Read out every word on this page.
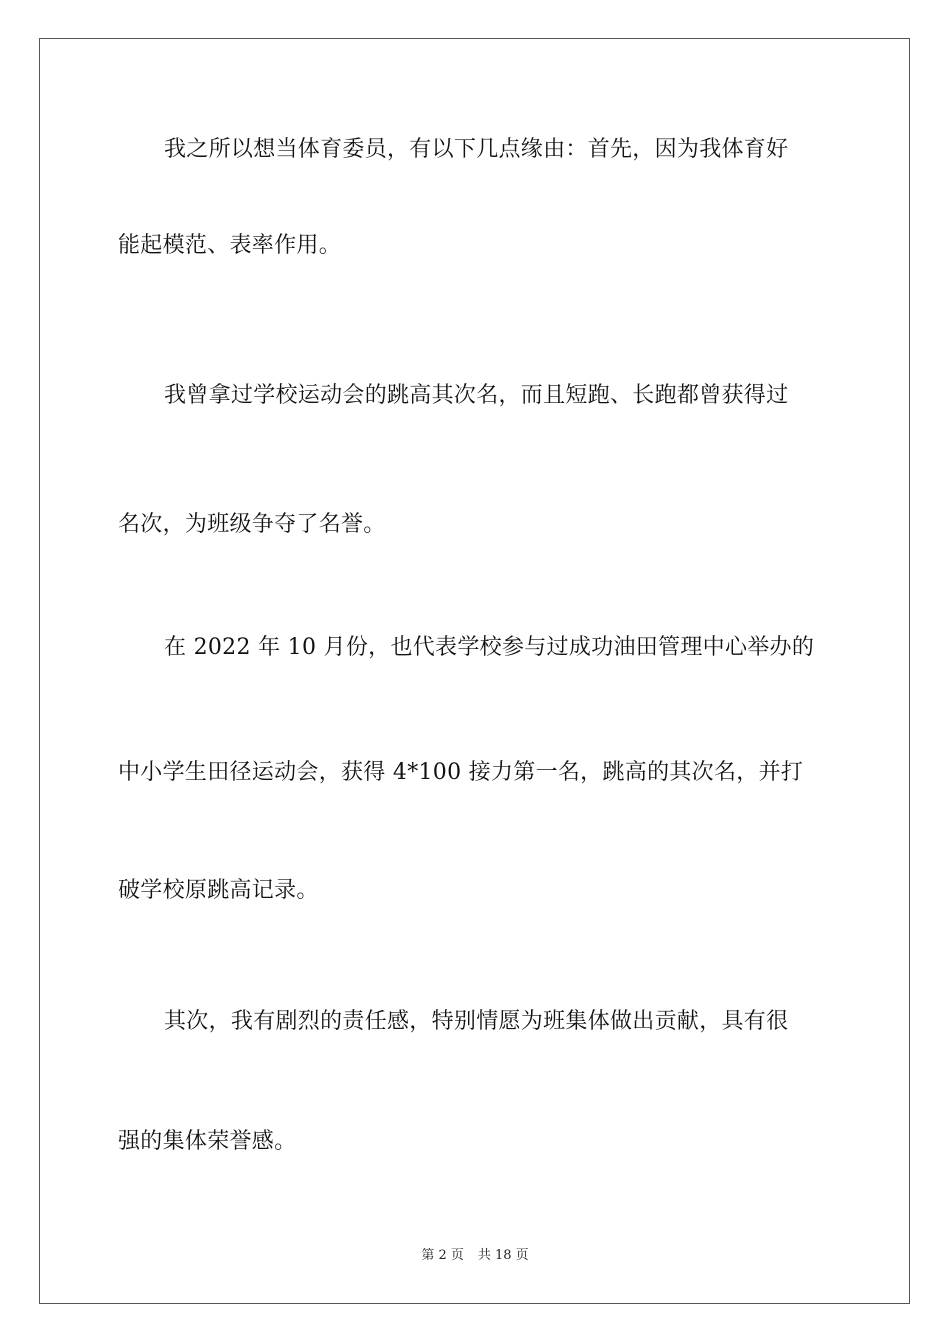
我之所以想当体育委员，有以下几点缘由：首先，因为我体育好
能起模范、表率作用。
我曾拿过学校运动会的跳高其次名，而且短跑、长跑都曾获得过
名次，为班级争夺了名誉。
在 2022 年 10 月份，也代表学校参与过成功油田管理中心举办的
中小学生田径运动会，获得 4*100 接力第一名，跳高的其次名，并打
破学校原跳高记录。
其次，我有剧烈的责任感，特别情愿为班集体做出贡献，具有很
强的集体荣誉感。
第 2 页 共 18 页
